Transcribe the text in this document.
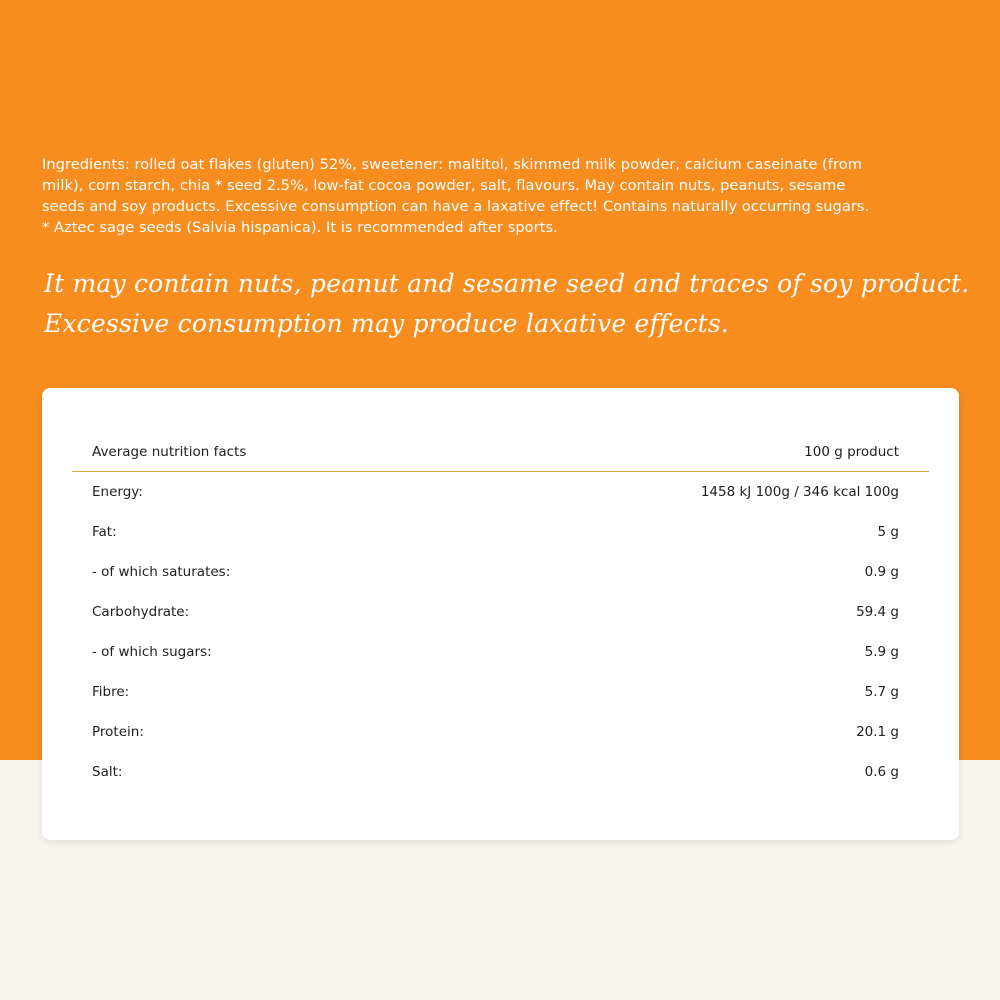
Ingredients: rolled oat flakes (gluten) 52%, sweetener: maltitol, skimmed milk powder, calcium caseinate (from
milk), corn starch, chia * seed 2.5%, low-fat cocoa powder, salt, flavours. May contain nuts, peanuts, sesame
seeds and soy products. Excessive consumption can have a laxative effect! Contains naturally occurring sugars.
* Aztec sage seeds (Salvia hispanica). It is recommended after sports.

It may contain nuts, peanut and sesame seed and traces of soy product.
Excessive consumption may produce laxative effects.

Average nutrition facts	100 g product
Energy:	1458 kJ 100g / 346 kcal 100g
Fat:	5 g
- of which saturates:	0.9 g
Carbohydrate:	59.4 g
- of which sugars:	5.9 g
Fibre:	5.7 g
Protein:	20.1 g
Salt:	0.6 g
